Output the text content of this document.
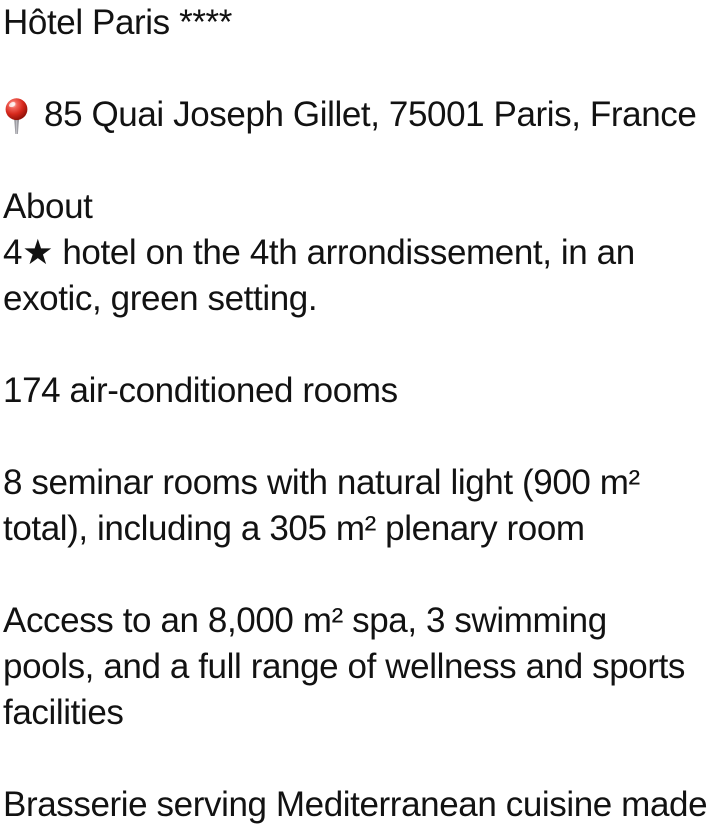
Hôtel Paris ****
85 Quai Joseph Gillet, 75001 Paris, France
About
4★ hotel on the 4th arrondissement, in an
exotic, green setting.
174 air-conditioned rooms
8 seminar rooms with natural light (900 m²
total), including a 305 m² plenary room
Access to an 8,000 m² spa, 3 swimming
pools, and a full range of wellness and sports
facilities
Brasserie serving Mediterranean cuisine made
